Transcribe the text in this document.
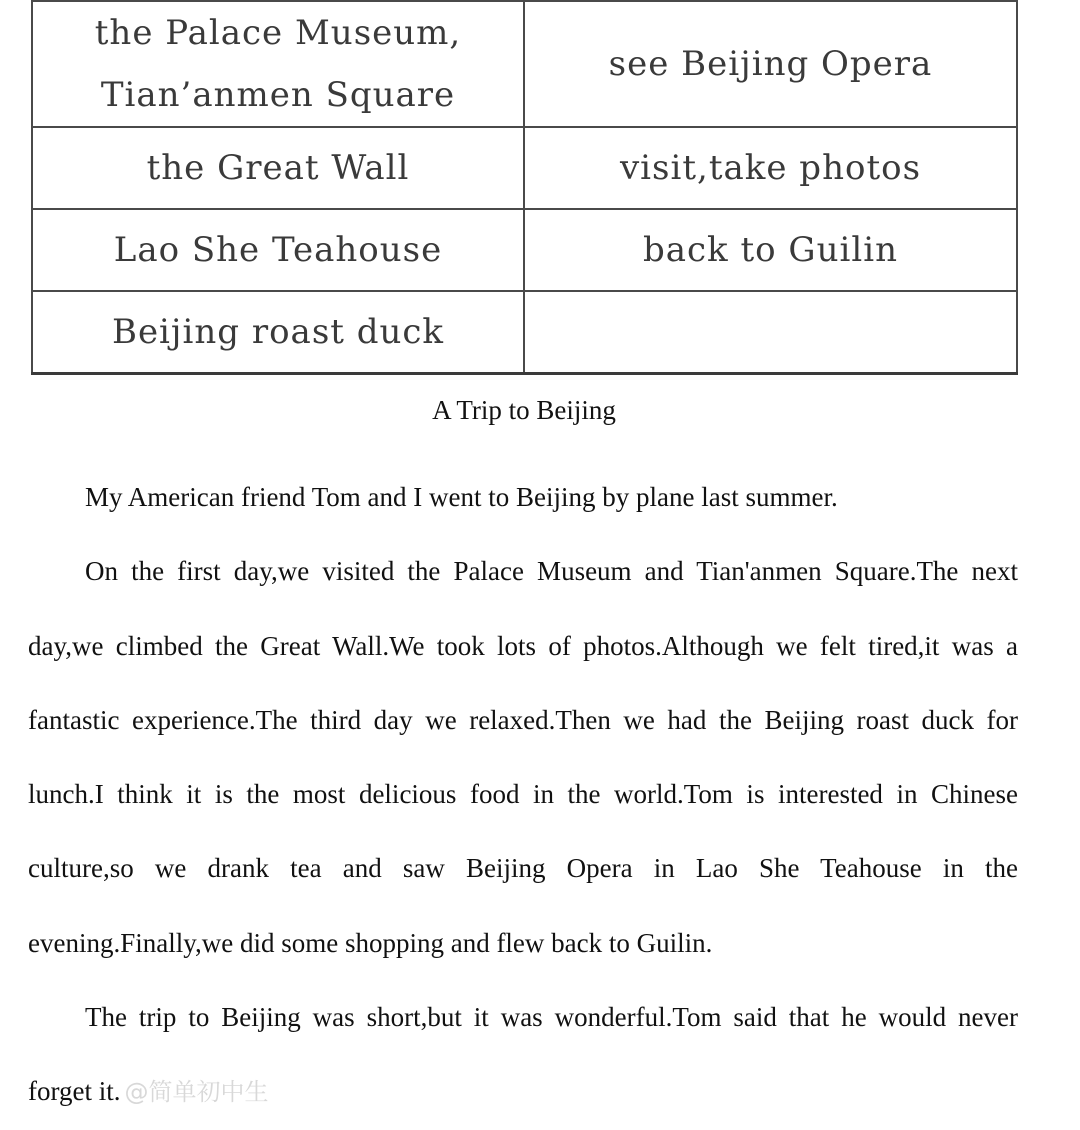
the Palace Museum,
Tian’anmen Square	see Beijing Opera
the Great Wall	visit,take photos
Lao She Teahouse	back to Guilin
Beijing roast duck	
A Trip to Beijing

My American friend Tom and I went to Beijing by plane last summer.

On the first day,we visited the Palace Museum and Tian'anmen Square.The next day,we climbed the Great Wall.We took lots of photos.Although we felt tired,it was a fantastic experience.The third day we relaxed.Then we had the Beijing roast duck for lunch.I think it is the most delicious food in the world.Tom is interested in Chinese culture,so we drank tea and saw Beijing Opera in Lao She Teahouse in the evening.Finally,we did some shopping and flew back to Guilin.

The trip to Beijing was short,but it was wonderful.Tom said that he would never forget it. @简单初中生
